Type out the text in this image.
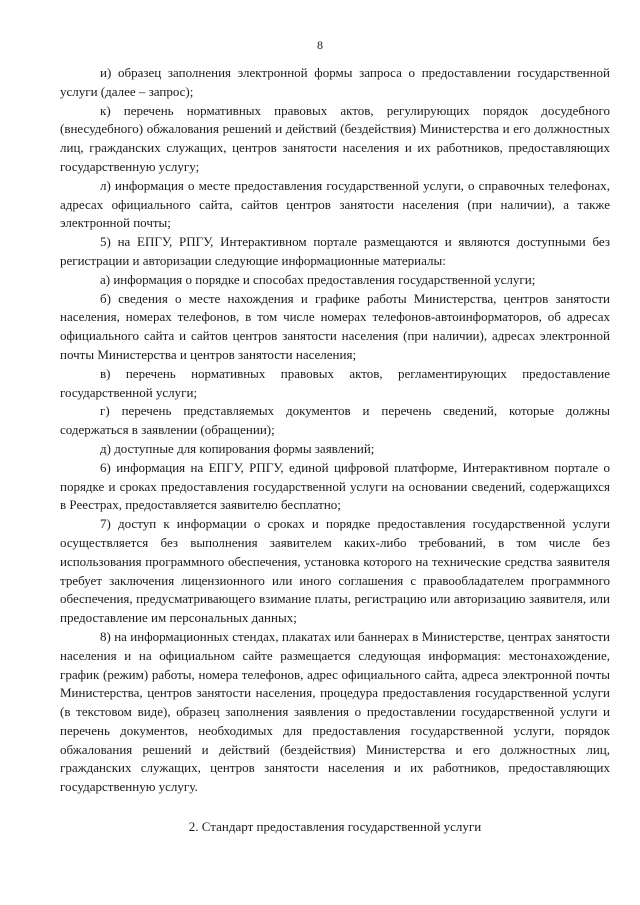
8

и) образец заполнения электронной формы запроса о предоставлении государственной услуги (далее – запрос);

к) перечень нормативных правовых актов, регулирующих порядок досудебного (внесудебного) обжалования решений и действий (бездействия) Министерства и его должностных лиц, гражданских служащих, центров занятости населения и их работников, предоставляющих государственную услугу;

л) информация о месте предоставления государственной услуги, о справочных телефонах, адресах официального сайта, сайтов центров занятости населения (при наличии), а также электронной почты;

5) на ЕПГУ, РПГУ, Интерактивном портале размещаются и являются доступными без регистрации и авторизации следующие информационные материалы:

а) информация о порядке и способах предоставления государственной услуги;

б) сведения о месте нахождения и графике работы Министерства, центров занятости населения, номерах телефонов, в том числе номерах телефонов-автоинформаторов, об адресах официального сайта и сайтов центров занятости населения (при наличии), адресах электронной почты Министерства и центров занятости населения;

в) перечень нормативных правовых актов, регламентирующих предоставление государственной услуги;

г) перечень представляемых документов и перечень сведений, которые должны содержаться в заявлении (обращении);

д) доступные для копирования формы заявлений;

6) информация на ЕПГУ, РПГУ, единой цифровой платформе, Интерактивном портале о порядке и сроках предоставления государственной услуги на основании сведений, содержащихся в Реестрах, предоставляется заявителю бесплатно;

7) доступ к информации о сроках и порядке предоставления государственной услуги осуществляется без выполнения заявителем каких-либо требований, в том числе без использования программного обеспечения, установка которого на технические средства заявителя требует заключения лицензионного или иного соглашения с правообладателем программного обеспечения, предусматривающего взимание платы, регистрацию или авторизацию заявителя, или предоставление им персональных данных;

8) на информационных стендах, плакатах или баннерах в Министерстве, центрах занятости населения и на официальном сайте размещается следующая информация: местонахождение, график (режим) работы, номера телефонов, адрес официального сайта, адреса электронной почты Министерства, центров занятости населения, процедура предоставления государственной услуги (в текстовом виде), образец заполнения заявления о предоставлении государственной услуги и перечень документов, необходимых для предоставления государственной услуги, порядок обжалования решений и действий (бездействия) Министерства и его должностных лиц, гражданских служащих, центров занятости населения и их работников, предоставляющих государственную услугу.

2. Стандарт предоставления государственной услуги
